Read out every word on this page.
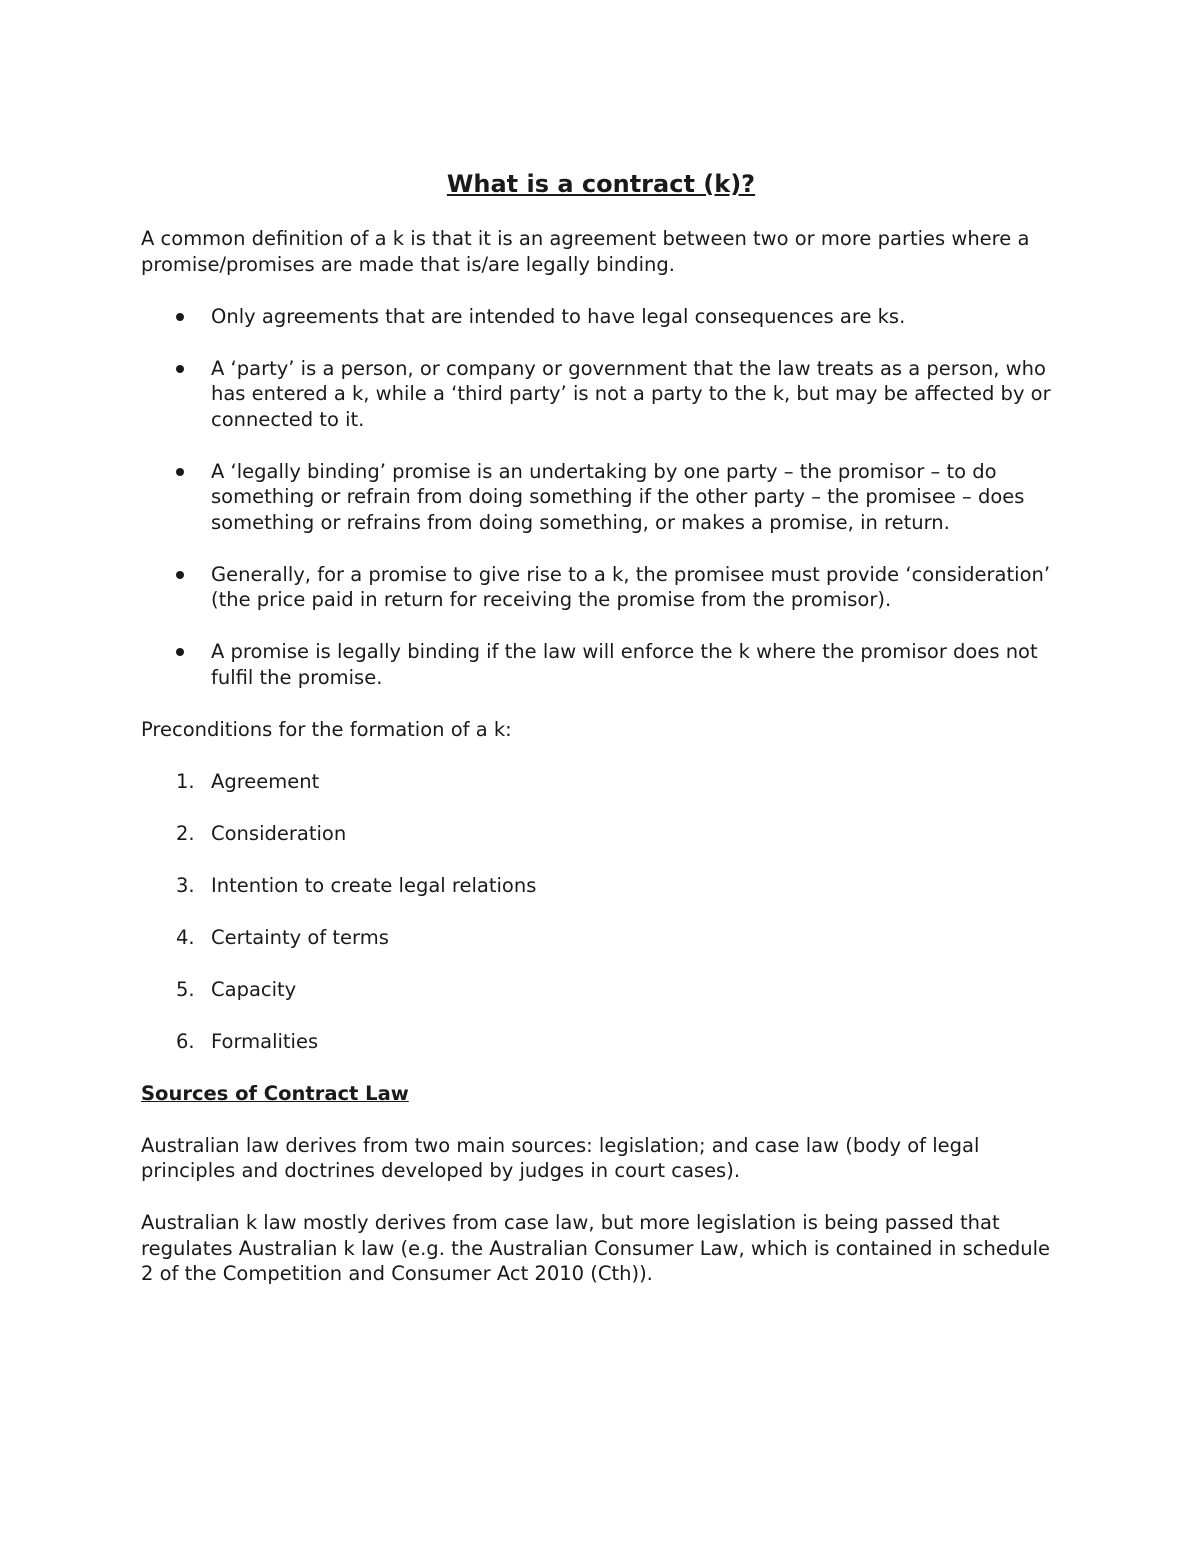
What is a contract (k)?

A common definition of a k is that it is an agreement between two or more parties where a promise/promises are made that is/are legally binding.

Only agreements that are intended to have legal consequences are ks.
A ‘party’ is a person, or company or government that the law treats as a person, who has entered a k, while a ‘third party’ is not a party to the k, but may be affected by or connected to it.
A ‘legally binding’ promise is an undertaking by one party – the promisor – to do something or refrain from doing something if the other party – the promisee – does something or refrains from doing something, or makes a promise, in return.
Generally, for a promise to give rise to a k, the promisee must provide ‘consideration’ (the price paid in return for receiving the promise from the promisor).
A promise is legally binding if the law will enforce the k where the promisor does not fulfil the promise.

Preconditions for the formation of a k:

1. Agreement
2. Consideration
3. Intention to create legal relations
4. Certainty of terms
5. Capacity
6. Formalities
Sources of Contract Law

Australian law derives from two main sources: legislation; and case law (body of legal principles and doctrines developed by judges in court cases).

Australian k law mostly derives from case law, but more legislation is being passed that regulates Australian k law (e.g. the Australian Consumer Law, which is contained in schedule 2 of the Competition and Consumer Act 2010 (Cth)).
